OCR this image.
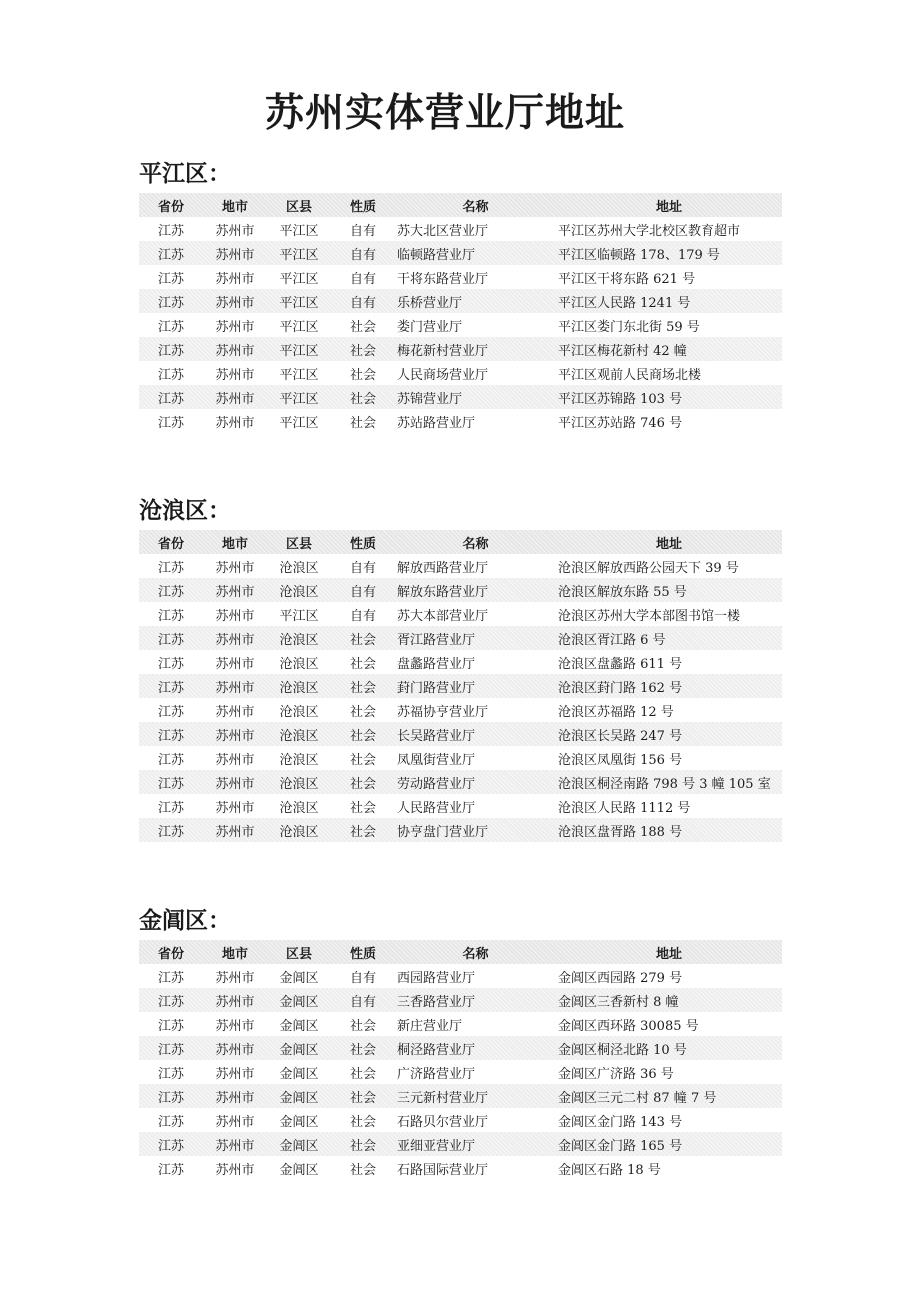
苏州实体营业厅地址
平江区：
省份	地市	区县	性质	名称	地址
江苏	苏州市	平江区	自有	苏大北区营业厅	平江区苏州大学北校区教育超市
江苏	苏州市	平江区	自有	临顿路营业厅	平江区临顿路 178、179 号
江苏	苏州市	平江区	自有	干将东路营业厅	平江区干将东路 621 号
江苏	苏州市	平江区	自有	乐桥营业厅	平江区人民路 1241 号
江苏	苏州市	平江区	社会	娄门营业厅	平江区娄门东北街 59 号
江苏	苏州市	平江区	社会	梅花新村营业厅	平江区梅花新村 42 幢
江苏	苏州市	平江区	社会	人民商场营业厅	平江区观前人民商场北楼
江苏	苏州市	平江区	社会	苏锦营业厅	平江区苏锦路 103 号
江苏	苏州市	平江区	社会	苏站路营业厅	平江区苏站路 746 号
沧浪区：
省份	地市	区县	性质	名称	地址
江苏	苏州市	沧浪区	自有	解放西路营业厅	沧浪区解放西路公园天下 39 号
江苏	苏州市	沧浪区	自有	解放东路营业厅	沧浪区解放东路 55 号
江苏	苏州市	平江区	自有	苏大本部营业厅	沧浪区苏州大学本部图书馆一楼
江苏	苏州市	沧浪区	社会	胥江路营业厅	沧浪区胥江路 6 号
江苏	苏州市	沧浪区	社会	盘蠡路营业厅	沧浪区盘蠡路 611 号
江苏	苏州市	沧浪区	社会	葑门路营业厅	沧浪区葑门路 162 号
江苏	苏州市	沧浪区	社会	苏福协亨营业厅	沧浪区苏福路 12 号
江苏	苏州市	沧浪区	社会	长吴路营业厅	沧浪区长吴路 247 号
江苏	苏州市	沧浪区	社会	凤凰街营业厅	沧浪区凤凰街 156 号
江苏	苏州市	沧浪区	社会	劳动路营业厅	沧浪区桐泾南路 798 号 3 幢 105 室
江苏	苏州市	沧浪区	社会	人民路营业厅	沧浪区人民路 1112 号
江苏	苏州市	沧浪区	社会	协亨盘门营业厅	沧浪区盘胥路 188 号
金阊区：
省份	地市	区县	性质	名称	地址
江苏	苏州市	金阊区	自有	西园路营业厅	金阊区西园路 279 号
江苏	苏州市	金阊区	自有	三香路营业厅	金阊区三香新村 8 幢
江苏	苏州市	金阊区	社会	新庄营业厅	金阊区西环路 30085 号
江苏	苏州市	金阊区	社会	桐泾路营业厅	金阊区桐泾北路 10 号
江苏	苏州市	金阊区	社会	广济路营业厅	金阊区广济路 36 号
江苏	苏州市	金阊区	社会	三元新村营业厅	金阊区三元二村 87 幢 7 号
江苏	苏州市	金阊区	社会	石路贝尔营业厅	金阊区金门路 143 号
江苏	苏州市	金阊区	社会	亚细亚营业厅	金阊区金门路 165 号
江苏	苏州市	金阊区	社会	石路国际营业厅	金阊区石路 18 号
